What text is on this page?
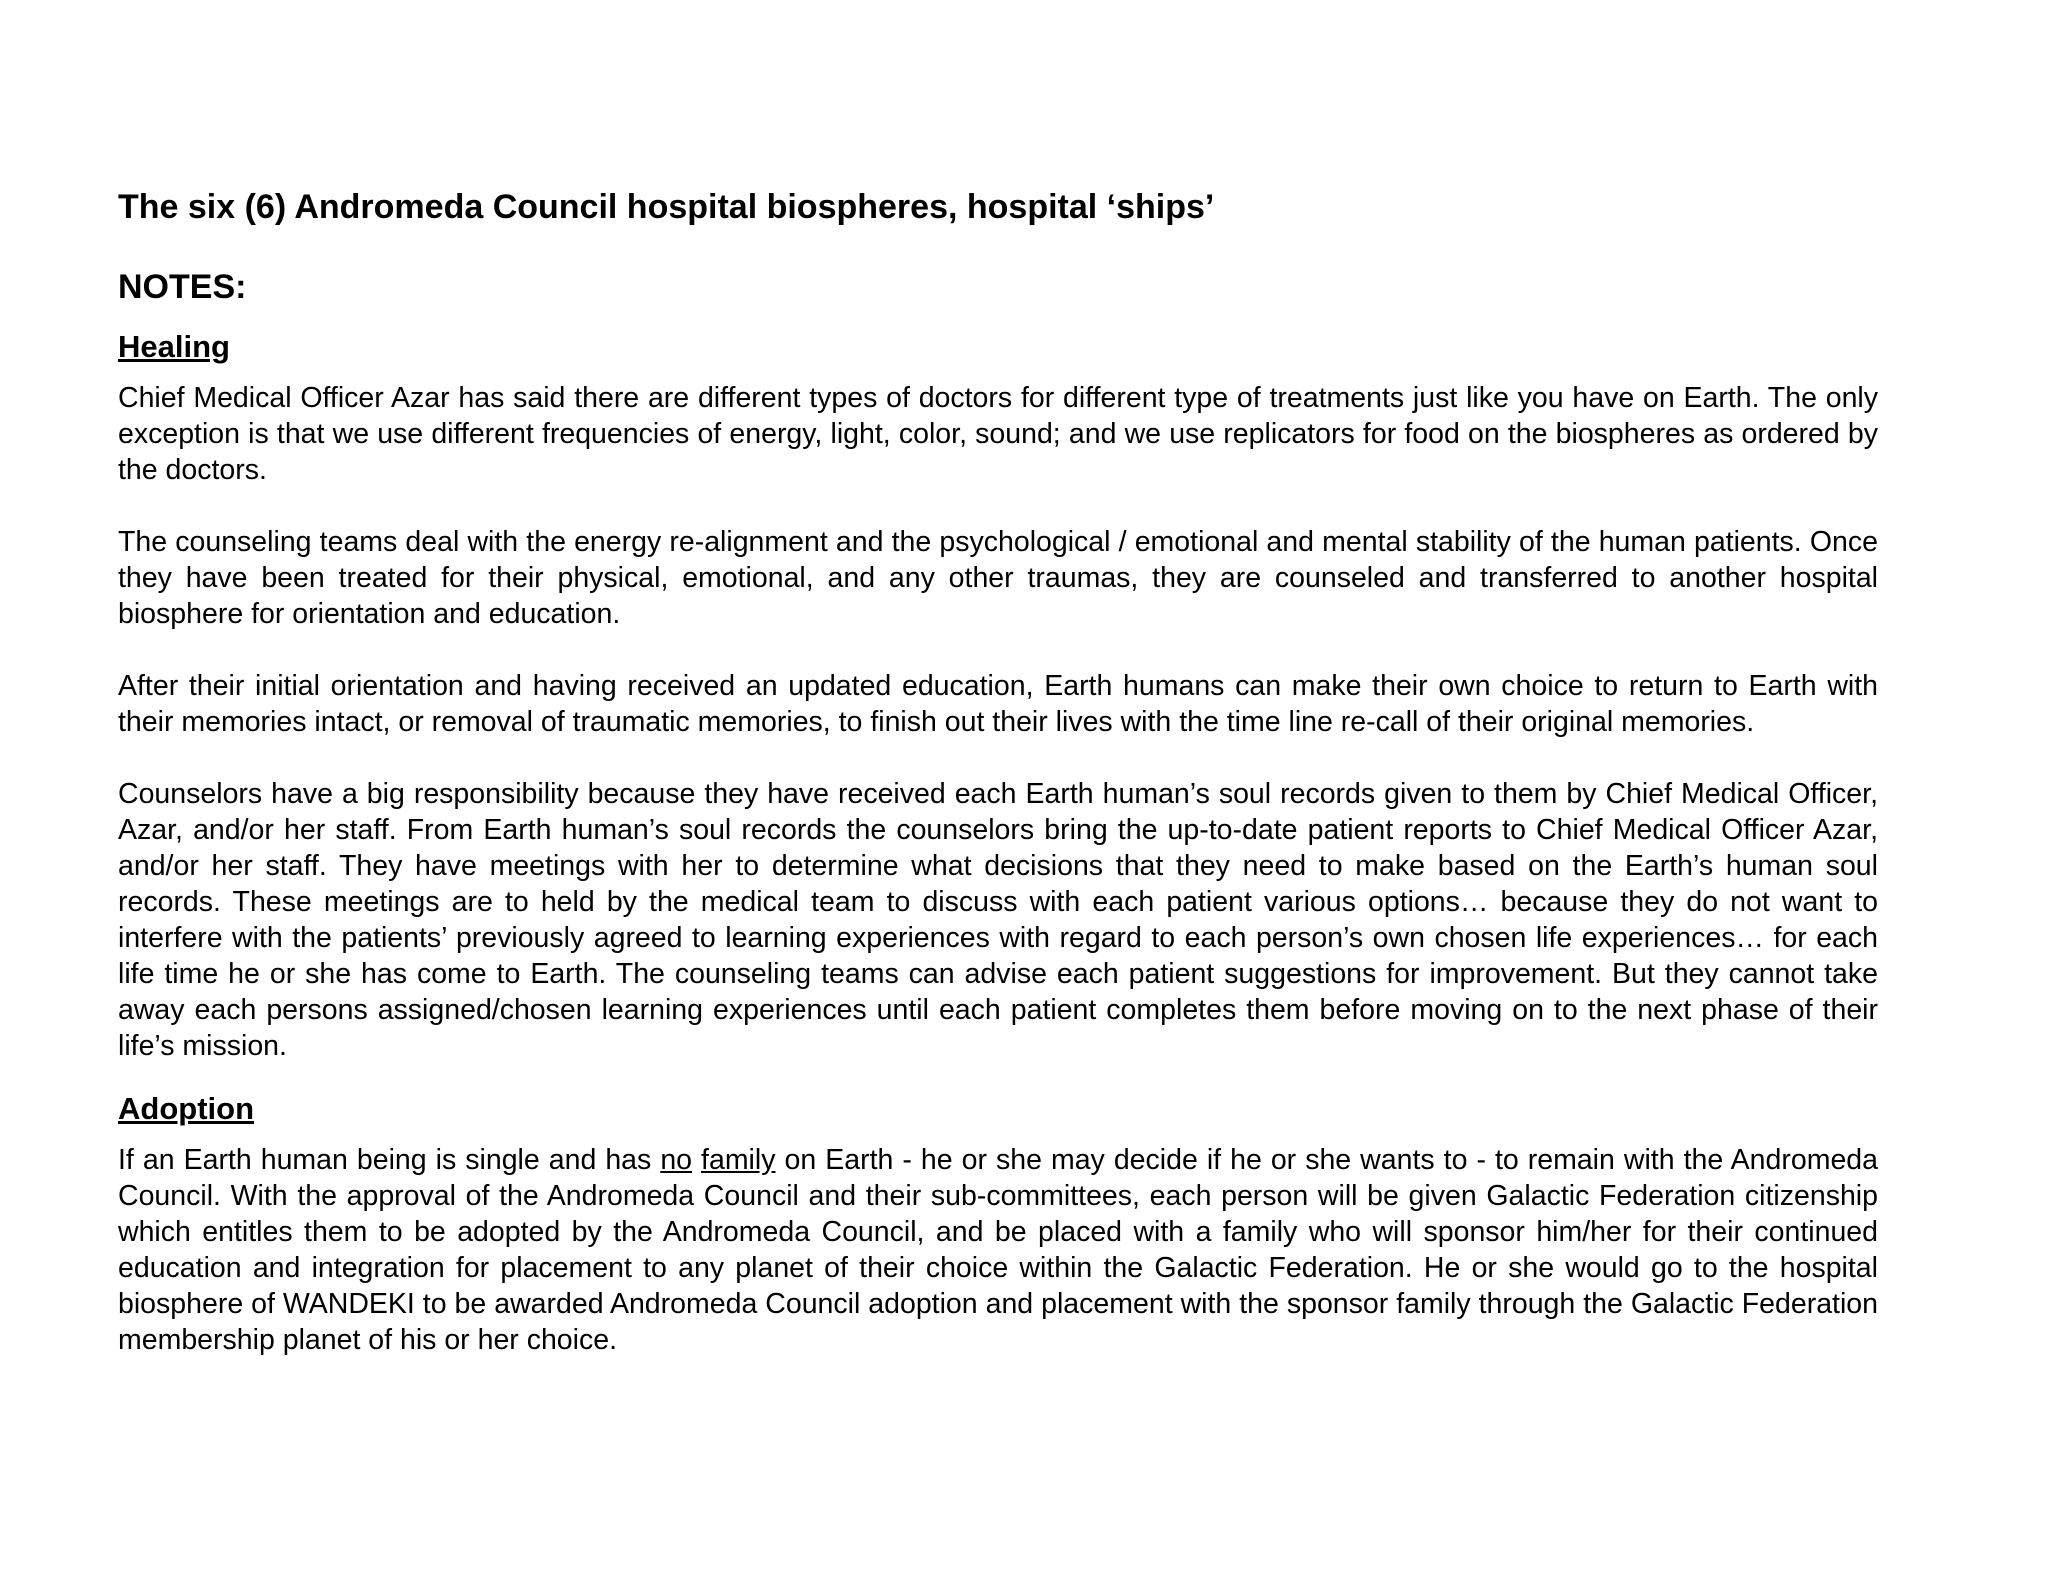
The six (6) Andromeda Council hospital biospheres, hospital ‘ships’
NOTES:
Healing

Chief Medical Officer Azar has said there are different types of doctors for different type of treatments just like you have on Earth. The only exception is that we use different frequencies of energy, light, color, sound; and we use replicators for food on the biospheres as ordered by the doctors.

The counseling teams deal with the energy re-alignment and the psychological / emotional and mental stability of the human patients. Once they have been treated for their physical, emotional, and any other traumas, they are counseled and transferred to another hospital biosphere for orientation and education.

After their initial orientation and having received an updated education, Earth humans can make their own choice to return to Earth with their memories intact, or removal of traumatic memories, to finish out their lives with the time line re-call of their original memories.

Counselors have a big responsibility because they have received each Earth human’s soul records given to them by Chief Medical Officer, Azar, and/or her staff. From Earth human’s soul records the counselors bring the up-to-date patient reports to Chief Medical Officer Azar, and/or her staff. They have meetings with her to determine what decisions that they need to make based on the Earth’s human soul records. These meetings are to held by the medical team to discuss with each patient various options… because they do not want to interfere with the patients’ previously agreed to learning experiences with regard to each person’s own chosen life experiences… for each life time he or she has come to Earth. The counseling teams can advise each patient suggestions for improvement. But they cannot take away each persons assigned/chosen learning experiences until each patient completes them before moving on to the next phase of their life’s mission.

Adoption

If an Earth human being is single and has no family on Earth - he or she may decide if he or she wants to - to remain with the Andromeda Council. With the approval of the Andromeda Council and their sub-committees, each person will be given Galactic Federation citizenship which entitles them to be adopted by the Andromeda Council, and be placed with a family who will sponsor him/her for their continued education and integration for placement to any planet of their choice within the Galactic Federation. He or she would go to the hospital biosphere of WANDEKI to be awarded Andromeda Council adoption and placement with the sponsor family through the Galactic Federation membership planet of his or her choice.
